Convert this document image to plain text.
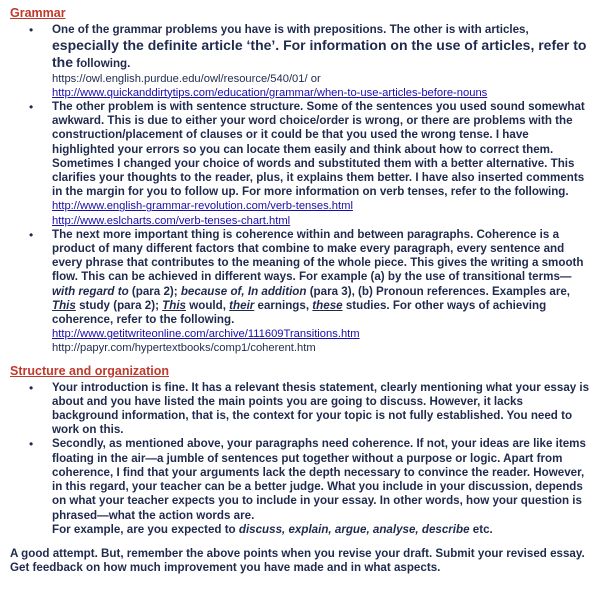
Grammar
• One of the grammar problems you have is with prepositions. The other is with articles, especially the definite article ‘the’. For information on the use of articles, refer to the following.

https://owl.english.purdue.edu/owl/resource/540/01/ or
http://www.quickanddirtytips.com/education/grammar/when-to-use-articles-before-nouns
• The other problem is with sentence structure. Some of the sentences you used sound somewhat awkward. This is due to either your word choice/order is wrong, or there are problems with the construction/placement of clauses or it could be that you used the wrong tense. I have highlighted your errors so you can locate them easily and think about how to correct them. Sometimes I changed your choice of words and substituted them with a better alternative. This clarifies your thoughts to the reader, plus, it explains them better. I have also inserted comments in the margin for you to follow up. For more information on verb tenses, refer to the following.

http://www.english-grammar-revolution.com/verb-tenses.html
http://www.eslcharts.com/verb-tenses-chart.html
• The next more important thing is coherence within and between paragraphs. Coherence is a product of many different factors that combine to make every paragraph, every sentence and every phrase that contributes to the meaning of the whole piece. This gives the writing a smooth flow. This can be achieved in different ways. For example (a) by the use of transitional terms—with regard to (para 2); because of, In addition (para 3), (b) Pronoun references. Examples are, This study (para 2); This would, their earnings, these studies. For other ways of achieving coherence, refer to the following.

http://www.getitwriteonline.com/archive/111609Transitions.htm
http://papyr.com/hypertextbooks/comp1/coherent.htm
Structure and organization
• Your introduction is fine. It has a relevant thesis statement, clearly mentioning what your essay is about and you have listed the main points you are going to discuss. However, it lacks background information, that is, the context for your topic is not fully established. You need to work on this.

• Secondly, as mentioned above, your paragraphs need coherence. If not, your ideas are like items floating in the air—a jumble of sentences put together without a purpose or logic. Apart from coherence, I find that your arguments lack the depth necessary to convince the reader. However, in this regard, your teacher can be a better judge. What you include in your discussion, depends on what your teacher expects you to include in your essay. In other words, how your question is phrased—what the action words are.

For example, are you expected to discuss, explain, argue, analyse, describe etc.

A good attempt. But, remember the above points when you revise your draft. Submit your revised essay. Get feedback on how much improvement you have made and in what aspects.
